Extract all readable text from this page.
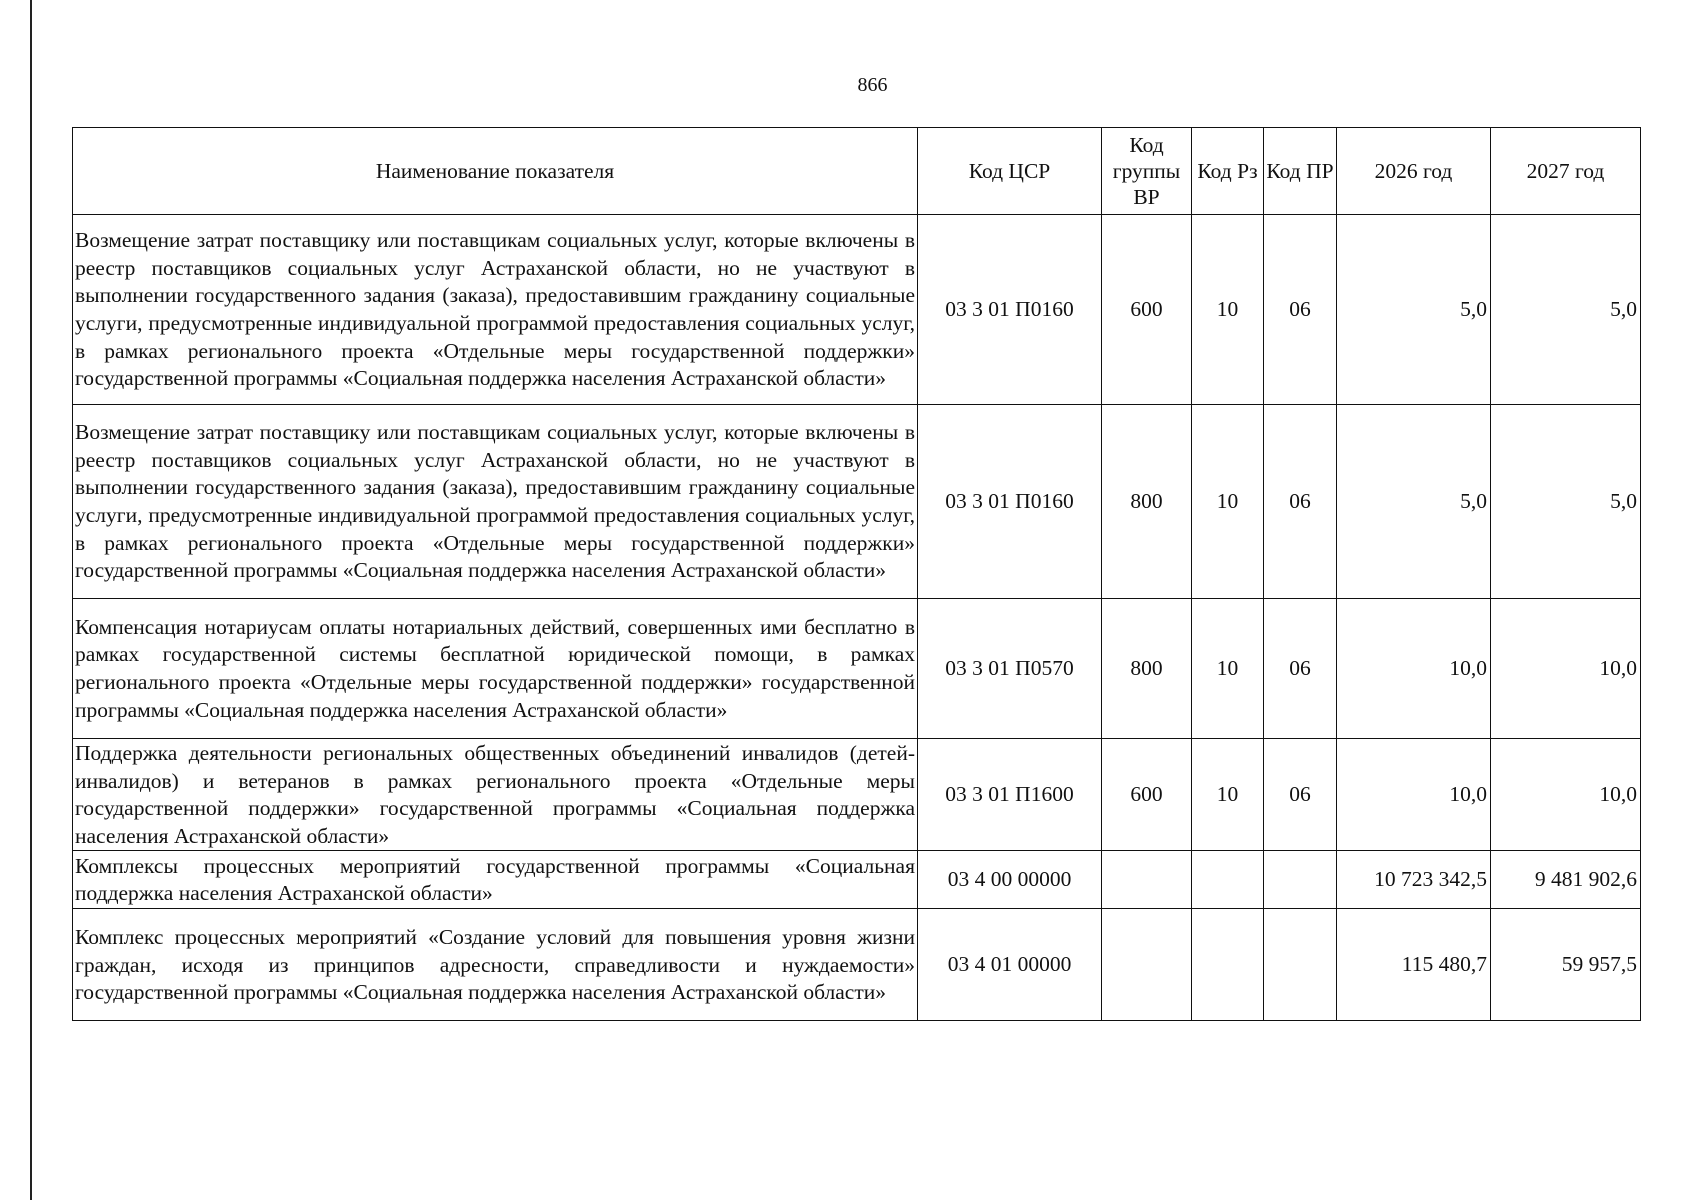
866
Наименование показателя	Код ЦСР	Код группы ВР	Код Рз	Код ПР	2026 год	2027 год
Возмещение затрат поставщику или поставщикам социальных услуг, которые включены в реестр поставщиков социальных услуг Астраханской области, но не участвуют в выполнении государственного задания (заказа), предоставившим гражданину социальные услуги, предусмотренные индивидуальной программой предоставления социальных услуг, в рамках регионального проекта «Отдельные меры государственной поддержки» государственной программы «Социальная поддержка населения Астраханской области»	03 3 01 П0160	600	10	06	5,0	5,0
Возмещение затрат поставщику или поставщикам социальных услуг, которые включены в реестр поставщиков социальных услуг Астраханской области, но не участвуют в выполнении государственного задания (заказа), предоставившим гражданину социальные услуги, предусмотренные индивидуальной программой предоставления социальных услуг, в рамках регионального проекта «Отдельные меры государственной поддержки» государственной программы «Социальная поддержка населения Астраханской области»	03 3 01 П0160	800	10	06	5,0	5,0
Компенсация нотариусам оплаты нотариальных действий, совершенных ими бесплатно в рамках государственной системы бесплатной юридической помощи, в рамках регионального проекта «Отдельные меры государственной поддержки» государственной программы «Социальная поддержка населения Астраханской области»	03 3 01 П0570	800	10	06	10,0	10,0
Поддержка деятельности региональных общественных объединений инвалидов (детей-инвалидов) и ветеранов в рамках регионального проекта «Отдельные меры государственной поддержки» государственной программы «Социальная поддержка населения Астраханской области»	03 3 01 П1600	600	10	06	10,0	10,0
Комплексы процессных мероприятий государственной программы «Социальная поддержка населения Астраханской области»	03 4 00 00000				10 723 342,5	9 481 902,6
Комплекс процессных мероприятий «Создание условий для повышения уровня жизни граждан, исходя из принципов адресности, справедливости и нуждаемости» государственной программы «Социальная поддержка населения Астраханской области»	03 4 01 00000				115 480,7	59 957,5
